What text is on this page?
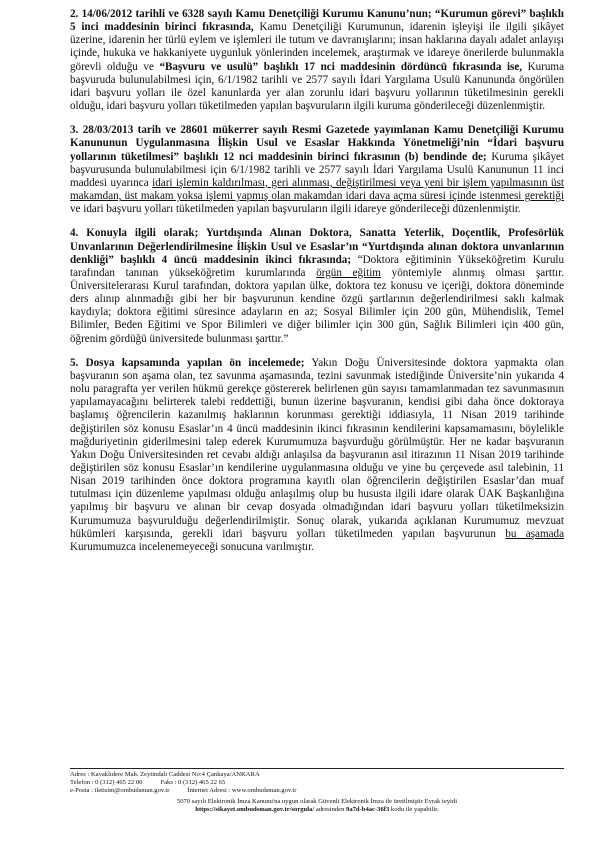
2. 14/06/2012 tarihli ve 6328 sayılı Kamu Denetçiliği Kurumu Kanunu’nun; “Kurumun görevi” başlıklı 5 inci maddesinin birinci fıkrasında, Kamu Denetçiliği Kurumunun, idarenin işleyişi ile ilgili şikâyet üzerine, idarenin her türlü eylem ve işlemleri ile tutum ve davranışlarını; insan haklarına dayalı adalet anlayışı içinde, hukuka ve hakkaniyete uygunluk yönlerinden incelemek, araştırmak ve idareye önerilerde bulunmakla görevli olduğu ve “Başvuru ve usulü” başlıklı 17 nci maddesinin dördüncü fıkrasında ise, Kuruma başvuruda bulunulabilmesi için, 6/1/1982 tarihli ve 2577 sayılı İdari Yargılama Usulü Kanununda öngörülen idari başvuru yolları ile özel kanunlarda yer alan zorunlu idari başvuru yollarının tüketilmesinin gerekli olduğu, idari başvuru yolları tüketilmeden yapılan başvuruların ilgili kuruma gönderileceği düzenlenmiştir.

3. 28/03/2013 tarih ve 28601 mükerrer sayılı Resmi Gazetede yayımlanan Kamu Denetçiliği Kurumu Kanununun Uygulanmasına İlişkin Usul ve Esaslar Hakkında Yönetmeliği’nin “İdari başvuru yollarının tüketilmesi” başlıklı 12 nci maddesinin birinci fıkrasının (b) bendinde de; Kuruma şikâyet başvurusunda bulunulabilmesi için 6/1/1982 tarihli ve 2577 sayılı İdari Yargılama Usulü Kanununun 11 inci maddesi uyarınca idari işlemin kaldırılması, geri alınması, değiştirilmesi veya yeni bir işlem yapılmasının üst makamdan, üst makam yoksa işlemi yapmış olan makamdan idari dava açma süresi içinde istenmesi gerektiği ve idari başvuru yolları tüketilmeden yapılan başvuruların ilgili idareye gönderileceği düzenlenmiştir.

4. Konuyla ilgili olarak; Yurtdışında Alınan Doktora, Sanatta Yeterlik, Doçentlik, Profesörlük Unvanlarının Değerlendirilmesine İlişkin Usul ve Esaslar’ın “Yurtdışında alınan doktora unvanlarının denkliği” başlıklı 4 üncü maddesinin ikinci fıkrasında; “Doktora eğitiminin Yükseköğretim Kurulu tarafından tanınan yükseköğretim kurumlarında örgün eğitim yöntemiyle alınmış olması şarttır. Üniversitelerarası Kurul tarafından, doktora yapılan ülke, doktora tez konusu ve içeriği, doktora döneminde ders alınıp alınmadığı gibi her bir başvurunun kendine özgü şartlarının değerlendirilmesi saklı kalmak kaydıyla; doktora eğitimi süresince adayların en az; Sosyal Bilimler için 200 gün, Mühendislik, Temel Bilimler, Beden Eğitimi ve Spor Bilimleri ve diğer bilimler için 300 gün, Sağlık Bilimleri için 400 gün, öğrenim gördüğü üniversitede bulunması şarttır.”

5. Dosya kapsamında yapılan ön incelemede; Yakın Doğu Üniversitesinde doktora yapmakta olan başvuranın son aşama olan, tez savunma aşamasında, tezini savunmak istediğinde Üniversite’nin yukarıda 4 nolu paragrafta yer verilen hükmü gerekçe göstererek belirlenen gün sayısı tamamlanmadan tez savunmasının yapılamayacağını belirterek talebi reddettiği, bunun üzerine başvuranın, kendisi gibi daha önce doktoraya başlamış öğrencilerin kazanılmış haklarının korunması gerektiği iddiasıyla, 11 Nisan 2019 tarihinde değiştirilen söz konusu Esaslar’ın 4 üncü maddesinin ikinci fıkrasının kendilerini kapsamamasını, böylelikle mağduriyetinin giderilmesini talep ederek Kurumumuza başvurduğu görülmüştür. Her ne kadar başvuranın Yakın Doğu Üniversitesinden ret cevabı aldığı anlaşılsa da başvuranın asıl itirazının 11 Nisan 2019 tarihinde değiştirilen söz konusu Esaslar’ın kendilerine uygulanmasına olduğu ve yine bu çerçevede asıl talebinin, 11 Nisan 2019 tarihinden önce doktora programına kayıtlı olan öğrencilerin değiştirilen Esaslar’dan muaf tutulması için düzenleme yapılması olduğu anlaşılmış olup bu hususta ilgili idare olarak ÜAK Başkanlığına yapılmış bir başvuru ve alınan bir cevap dosyada olmadığından idari başvuru yolları tüketilmeksizin Kurumumuza başvurulduğu değerlendirilmiştir. Sonuç olarak, yukarıda açıklanan Kurumumuz mevzuat hükümleri karşısında, gerekli idari başvuru yolları tüketilmeden yapılan başvurunun bu aşamada Kurumumuzca incelenemeyeceği sonucuna varılmıştır.

Adres : Kavaklıdere Mah. Zeytindalı Caddesi No:4 Çankaya/ANKARA
Telefon : 0 (312) 465 22 00	Faks : 0 (312) 465 22 65
e-Posta : iletisim@ombudsman.gov.tr	İnternet Adresi : www.ombudsman.gov.tr
5070 sayılı Elektronik İmza Kanunu'na uygun olarak Güvenli Elektronik İmza ile üretilmiştir Evrak teyidi
https://sikayet.ombudsman.gov.tr/sorgula/ adresinden 9a7d-b4ac-36f3 kodu ile yapabilir.
